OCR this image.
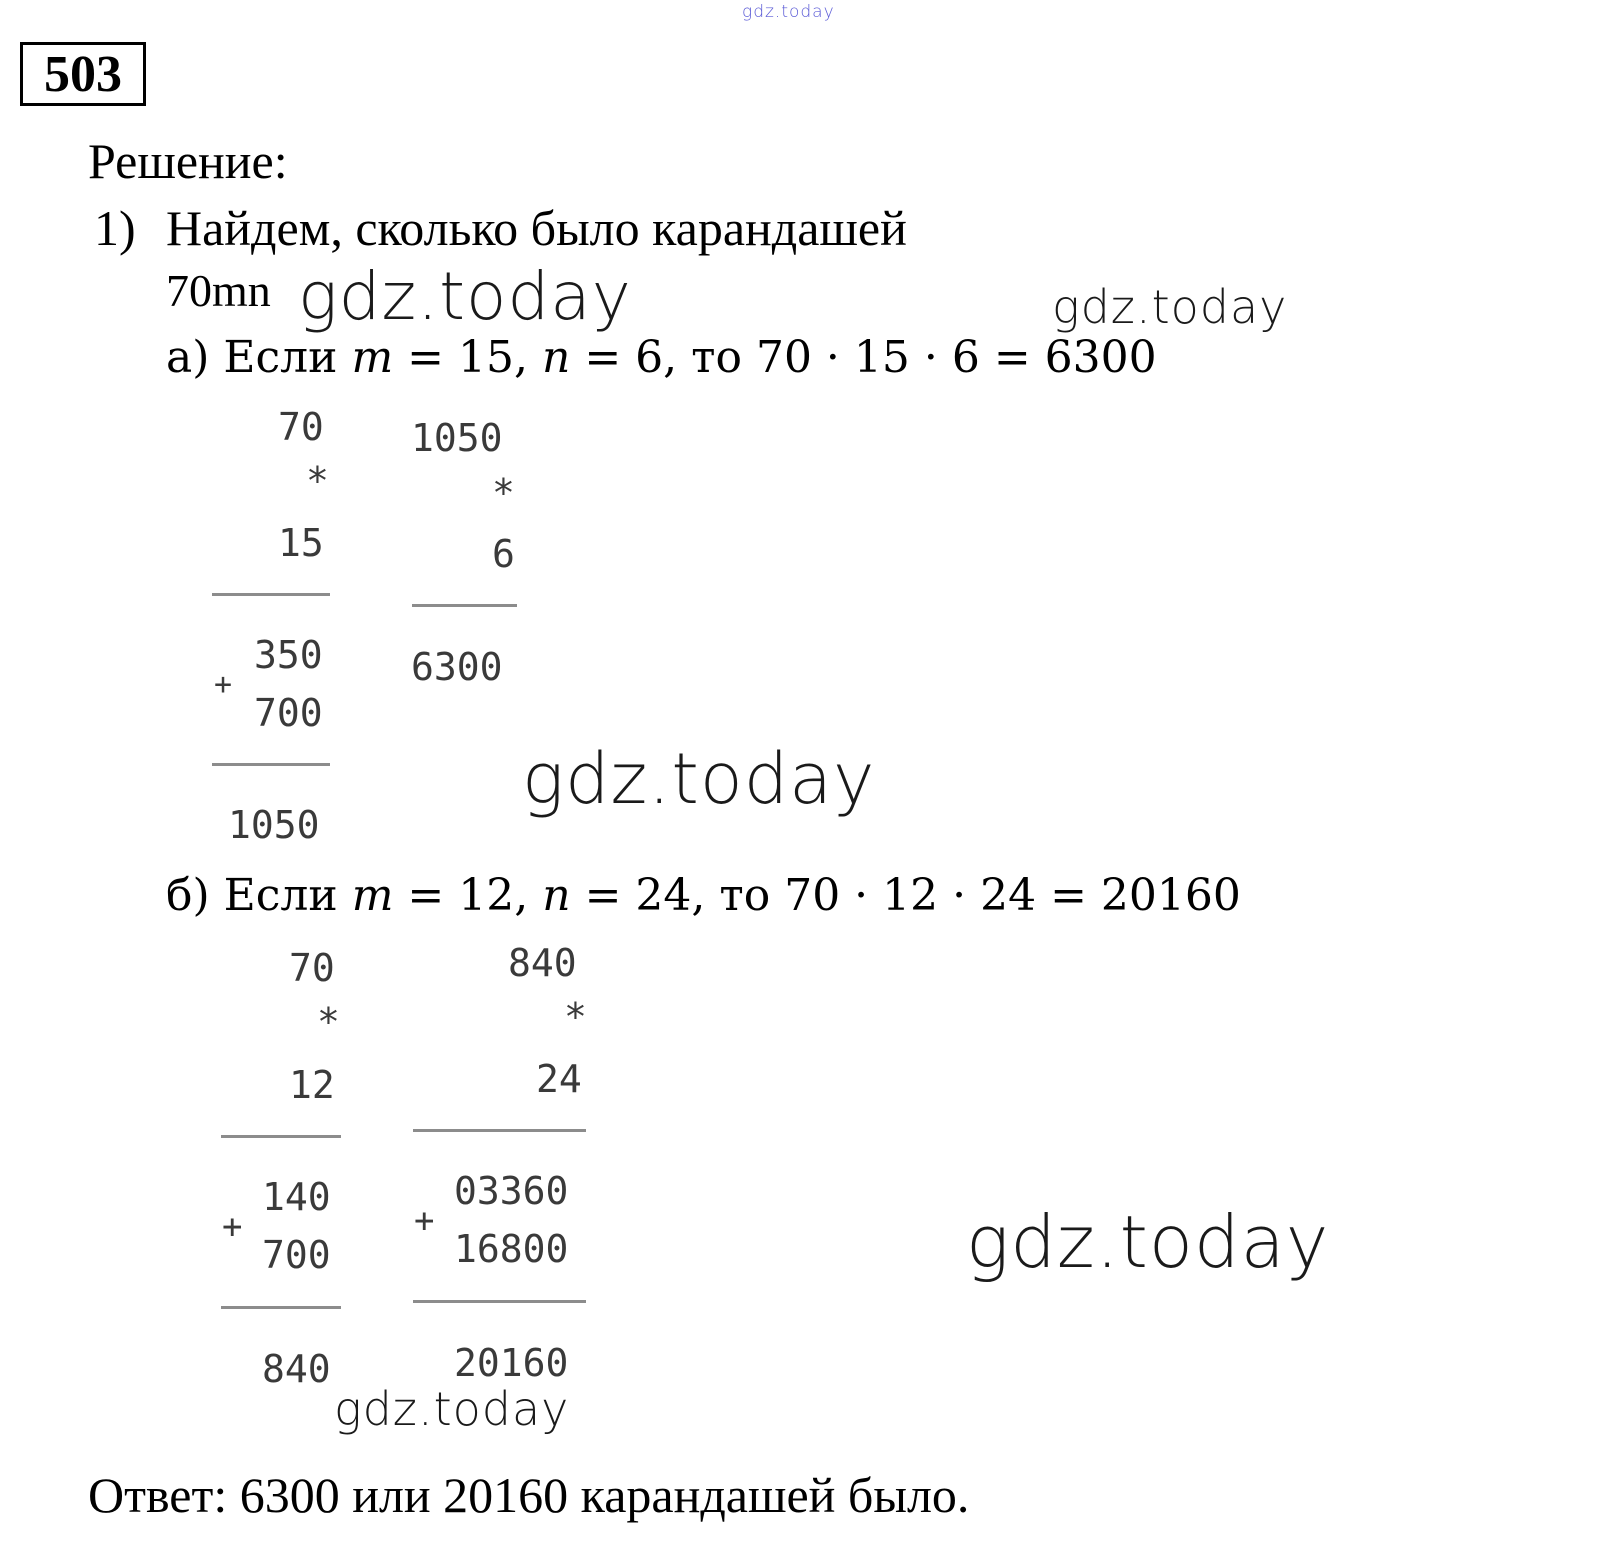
gdz.today
503
Решение:
1) Найдем, сколько было карандашей
70mn gdz.today	gdz.today
а) Если m = 15, n = 6, то 70 · 15 · 6 = 6300
70
*
15
350
+
700
1050
1050
*
6
6300
gdz.today
б) Если m = 12, n = 24, то 70 · 12 · 24 = 20160
70
*
12
140
+
700
840
840
*
24
03360
+
16800
20160
gdz.today
gdz.today
Ответ: 6300 или 20160 карандашей было.
